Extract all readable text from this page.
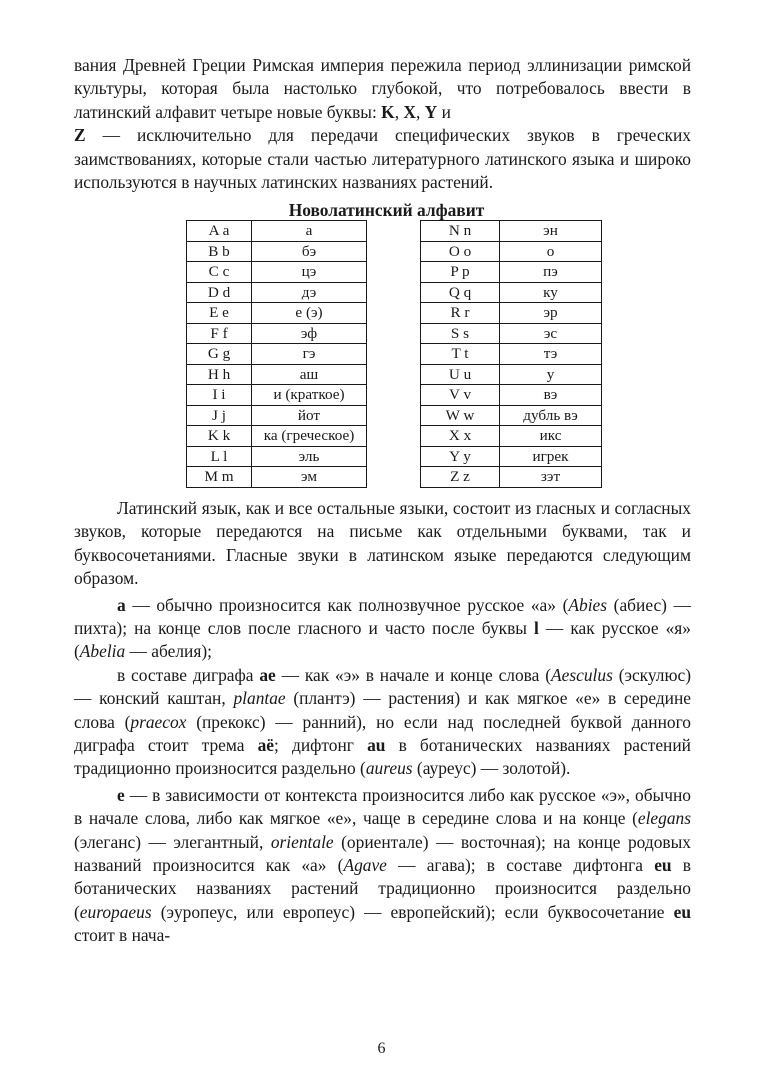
вания Древней Греции Римская империя пережила период эллинизации римской культуры, которая была настолько глубокой, что потребовалось ввести в латинский алфавит четыре новые буквы: K, X, Y и
Z — исключительно для передачи специфических звуков в греческих заимствованиях, которые стали частью литературного латинского языка и широко используются в научных латинских названиях растений.

Новолатинский алфавит
A a	а		N n	эн
B b	бэ		O o	о
C c	цэ		P p	пэ
D d	дэ		Q q	ку
E e	е (э)		R r	эр
F f	эф		S s	эс
G g	гэ		T t	тэ
H h	аш		U u	у
I i	и (краткое)		V v	вэ
J j	йот		W w	дубль вэ
K k	ка (греческое)		X x	икс
L l	эль		Y y	игрек
M m	эм		Z z	зэт

Латинский язык, как и все остальные языки, состоит из гласных и согласных звуков, которые передаются на письме как отдельными буквами, так и буквосочетаниями. Гласные звуки в латинском языке передаются следующим образом.

a — обычно произносится как полнозвучное русское «а» (Abies (абиес) — пихта); на конце слов после гласного и часто после буквы l — как русское «я» (Abelia — абелия);

в составе диграфа ae — как «э» в начале и конце слова (Aesculus (эскулюс) — конский каштан, plantae (плантэ) — растения) и как мягкое «е» в середине слова (praecox (прекокс) — ранний), но если над последней буквой данного диграфа стоит трема aë; дифтонг au в ботанических названиях растений традиционно произносится раздельно (aureus (ауреус) — золотой).

e — в зависимости от контекста произносится либо как русское «э», обычно в начале слова, либо как мягкое «е», чаще в середине слова и на конце (elegans (элеганс) — элегантный, orientale (ориентале) — восточная); на конце родовых названий произносится как «а» (Agave — агава); в составе дифтонга eu в ботанических названиях растений традиционно произносится раздельно (europaeus (эуропеус, или европеус) — европейский); если буквосочетание eu стоит в нача-

6
